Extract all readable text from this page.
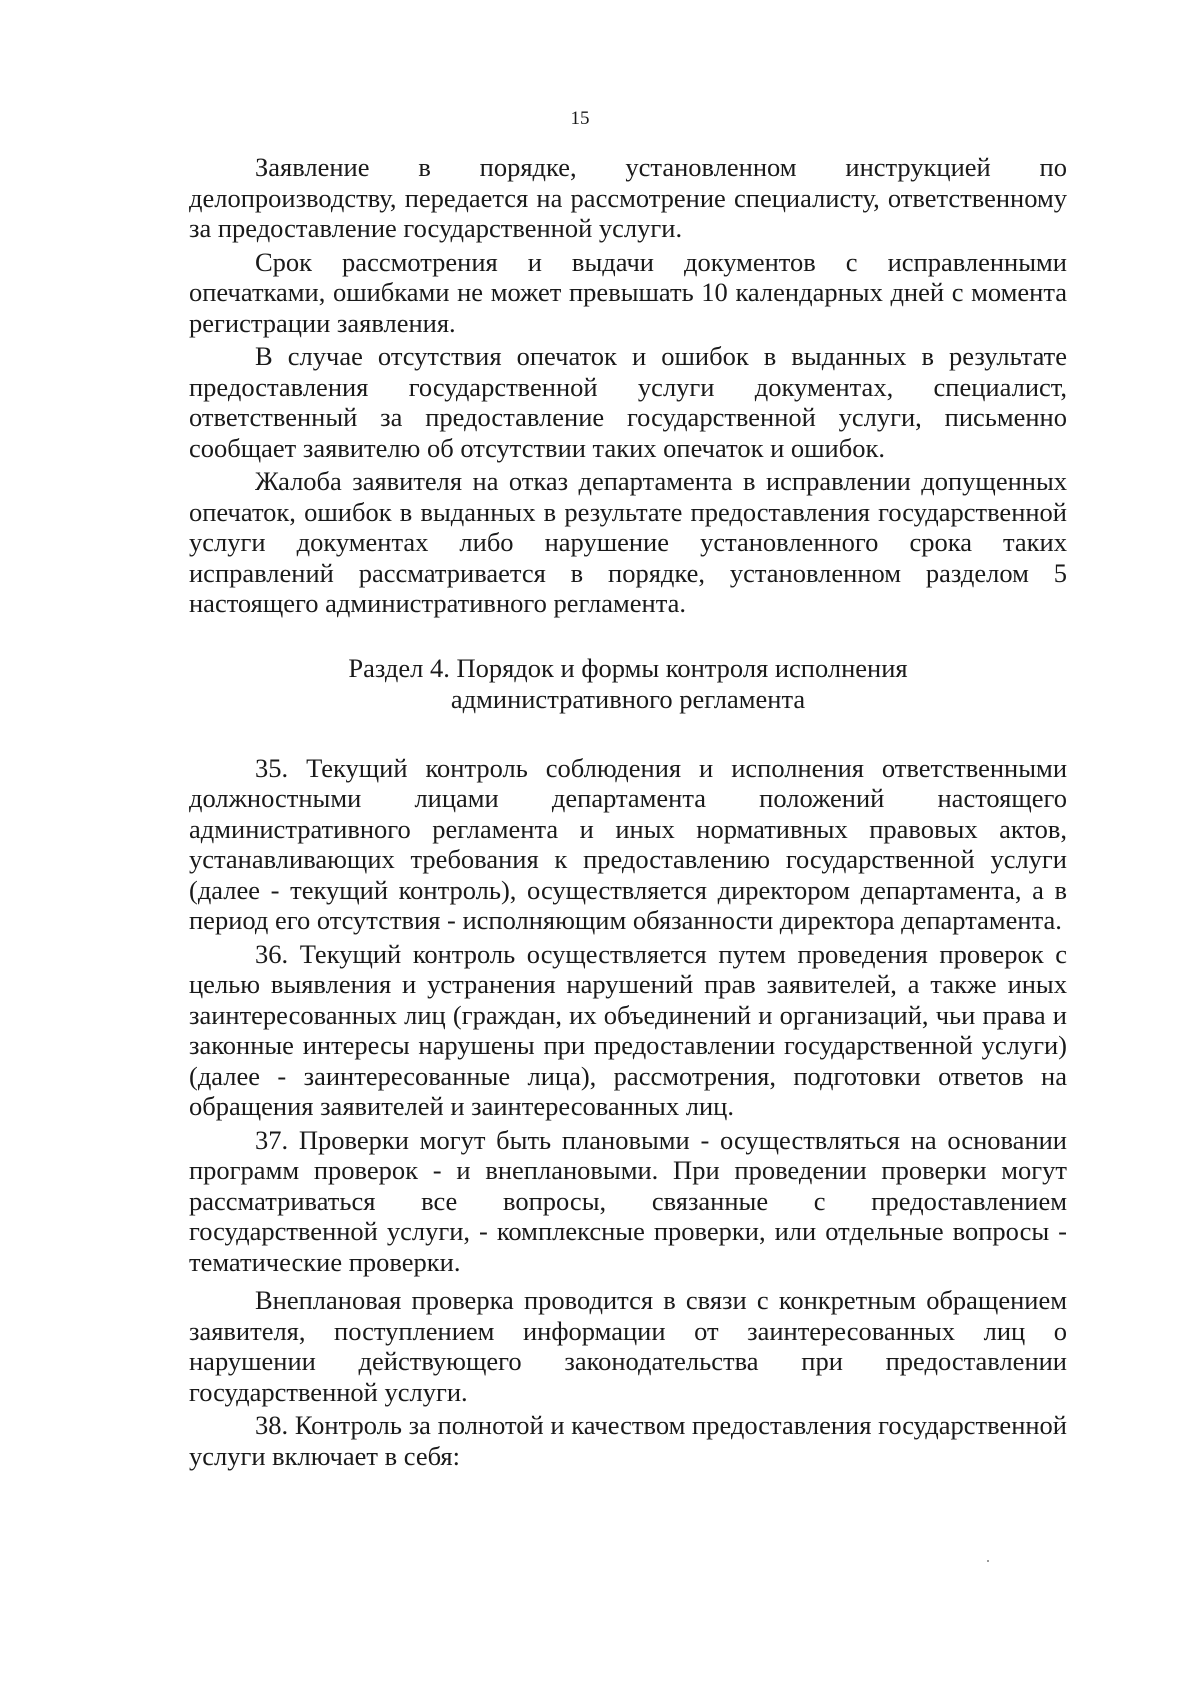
15

Заявление в порядке, установленном инструкцией по делопроизводству, передается на рассмотрение специалисту, ответственному за предоставление государственной услуги.

Срок рассмотрения и выдачи документов с исправленными опечатками, ошибками не может превышать 10 календарных дней с момента регистрации заявления.

В случае отсутствия опечаток и ошибок в выданных в результате предоставления государственной услуги документах, специалист, ответственный за предоставление государственной услуги, письменно сообщает заявителю об отсутствии таких опечаток и ошибок.

Жалоба заявителя на отказ департамента в исправлении допущенных опечаток, ошибок в выданных в результате предоставления государственной услуги документах либо нарушение установленного срока таких исправлений рассматривается в порядке, установленном разделом 5 настоящего административного регламента.

Раздел 4. Порядок и формы контроля исполнения
административного регламента

35. Текущий контроль соблюдения и исполнения ответственными должностными лицами департамента положений настоящего административного регламента и иных нормативных правовых актов, устанавливающих требования к предоставлению государственной услуги (далее - текущий контроль), осуществляется директором департамента, а в период его отсутствия - исполняющим обязанности директора департамента.

36. Текущий контроль осуществляется путем проведения проверок с целью выявления и устранения нарушений прав заявителей, а также иных заинтересованных лиц (граждан, их объединений и организаций, чьи права и законные интересы нарушены при предоставлении государственной услуги) (далее - заинтересованные лица), рассмотрения, подготовки ответов на обращения заявителей и заинтересованных лиц.

37. Проверки могут быть плановыми - осуществляться на основании программ проверок - и внеплановыми. При проведении проверки могут рассматриваться все вопросы, связанные с предоставлением государственной услуги, - комплексные проверки, или отдельные вопросы - тематические проверки.

Внеплановая проверка проводится в связи с конкретным обращением заявителя, поступлением информации от заинтересованных лиц о нарушении действующего законодательства при предоставлении государственной услуги.

38. Контроль за полнотой и качеством предоставления государственной услуги включает в себя:
